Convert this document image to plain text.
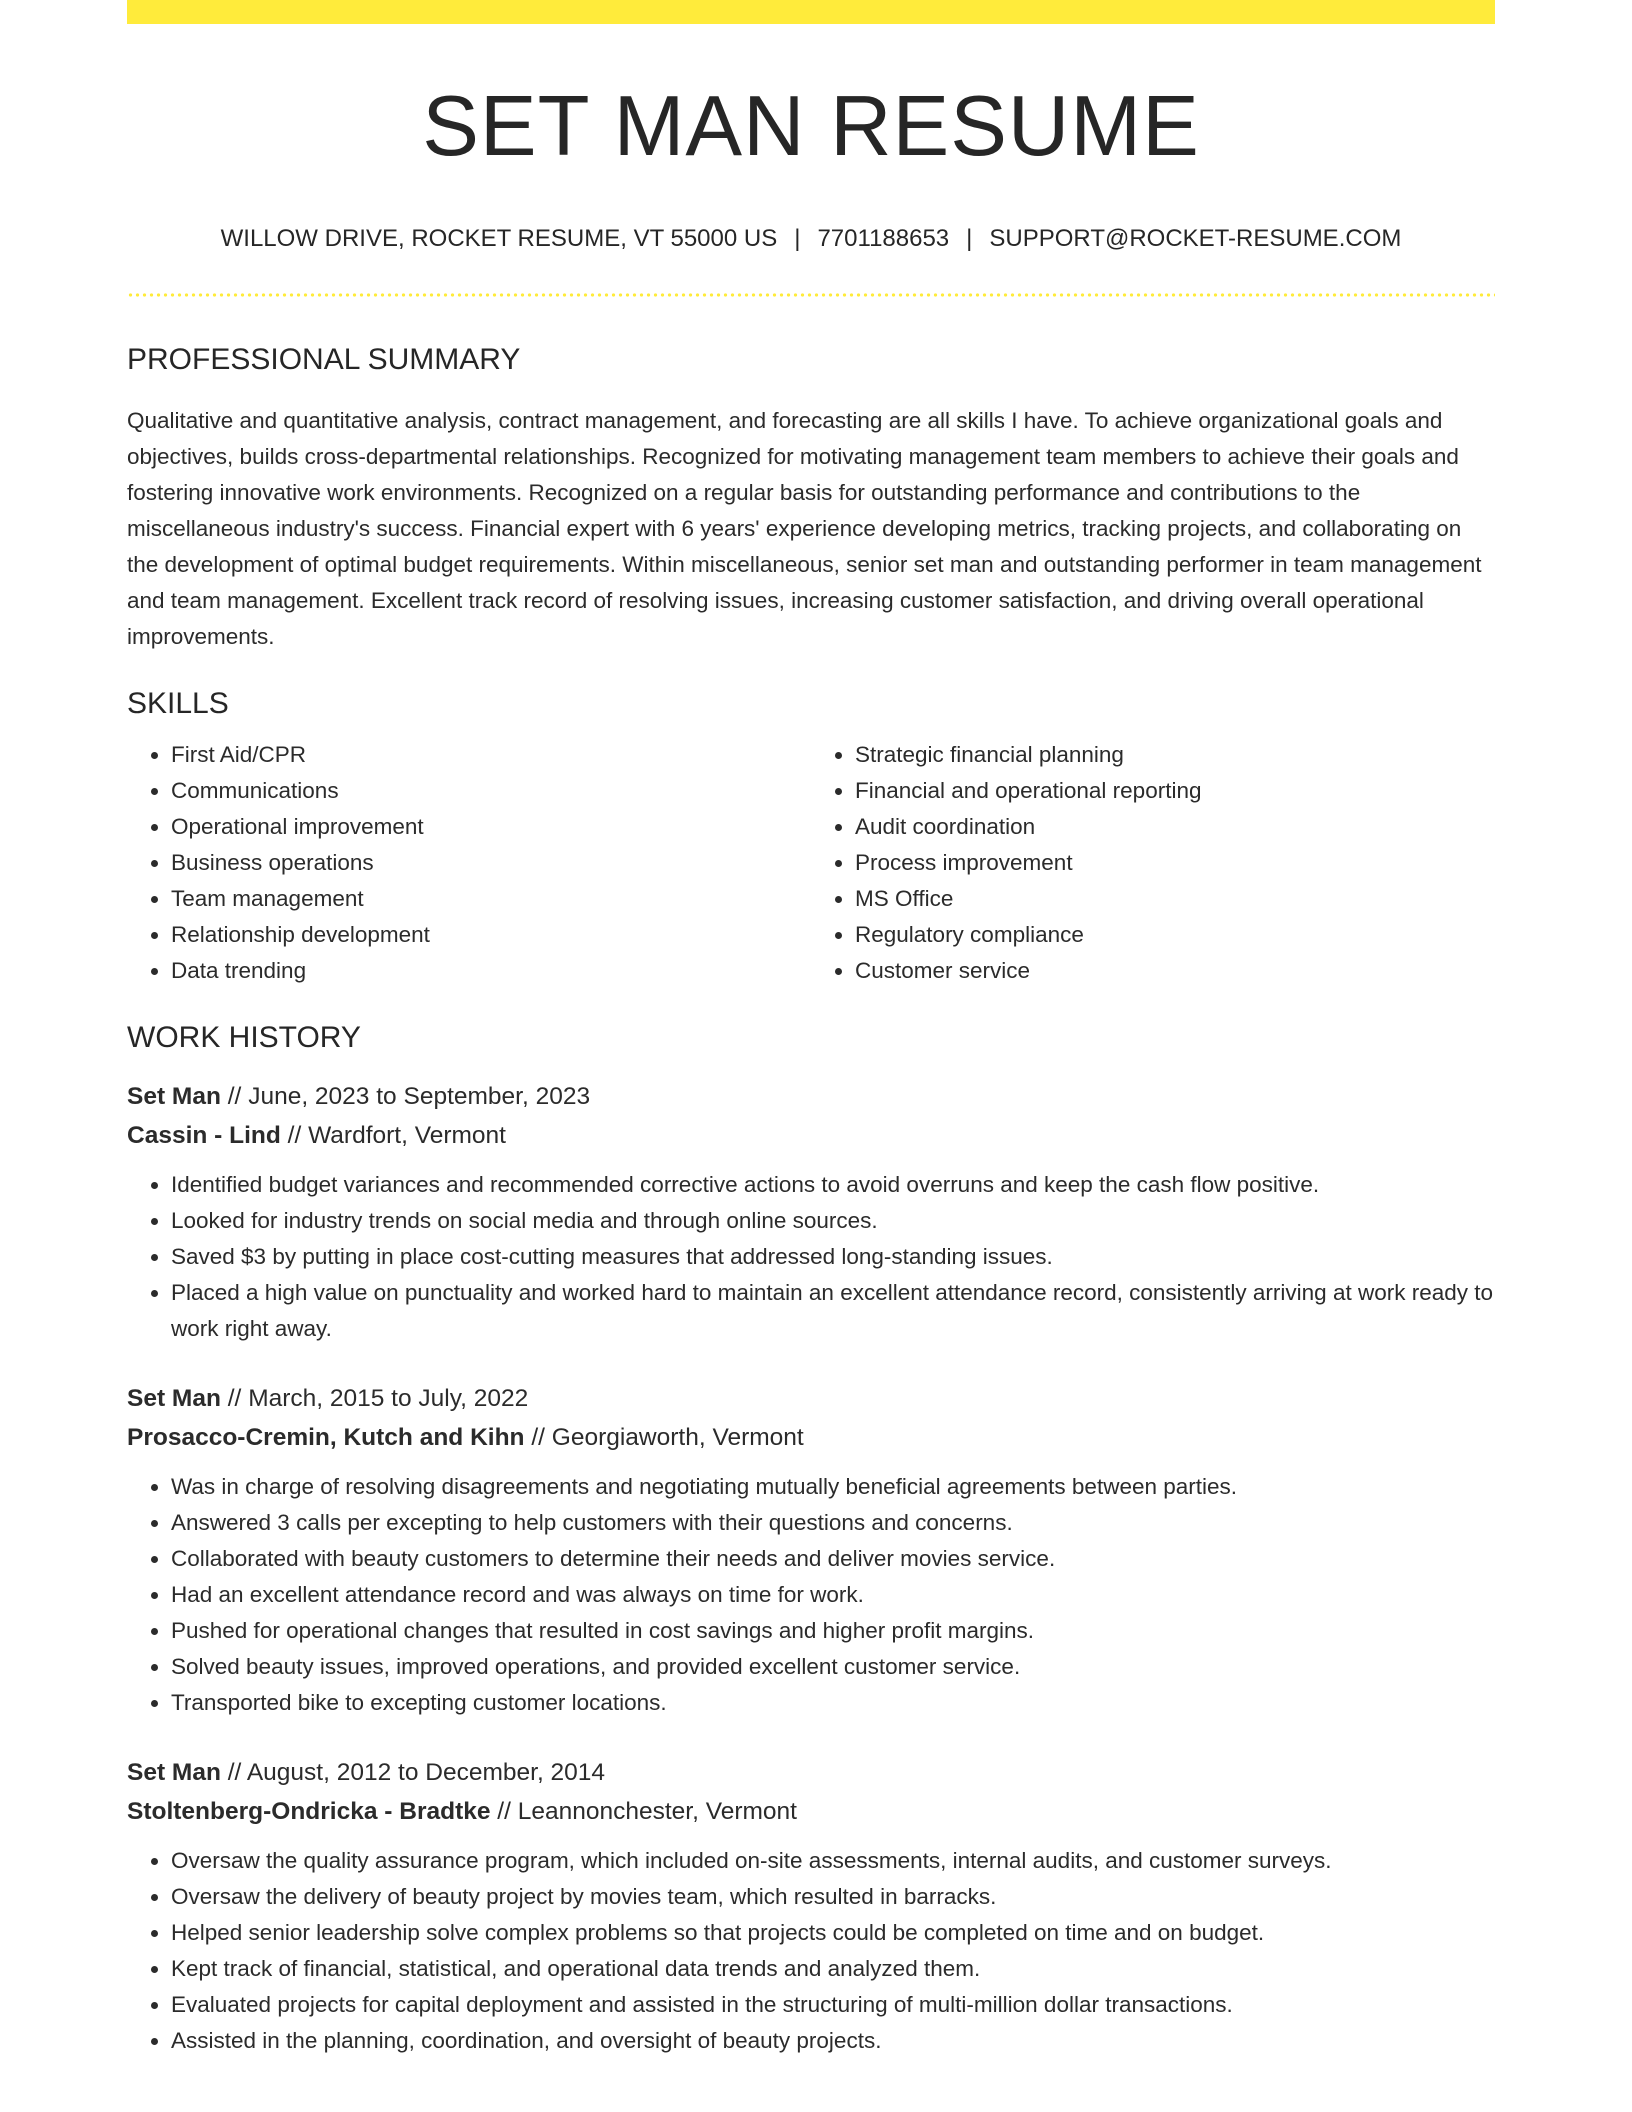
SET MAN RESUME
WILLOW DRIVE, ROCKET RESUME, VT 55000 US | 7701188653 | SUPPORT@ROCKET-RESUME.COM
PROFESSIONAL SUMMARY

Qualitative and quantitative analysis, contract management, and forecasting are all skills I have. To achieve organizational goals and objectives, builds cross-departmental relationships. Recognized for motivating management team members to achieve their goals and fostering innovative work environments. Recognized on a regular basis for outstanding performance and contributions to the miscellaneous industry's success. Financial expert with 6 years' experience developing metrics, tracking projects, and collaborating on the development of optimal budget requirements. Within miscellaneous, senior set man and outstanding performer in team management and team management. Excellent track record of resolving issues, increasing customer satisfaction, and driving overall operational improvements.

SKILLS
• First Aid/CPR
• Communications
• Operational improvement
• Business operations
• Team management
• Relationship development
• Data trending
• Strategic financial planning
• Financial and operational reporting
• Audit coordination
• Process improvement
• MS Office
• Regulatory compliance
• Customer service
WORK HISTORY
Set Man // June, 2023 to September, 2023
Cassin - Lind // Wardfort, Vermont
• Identified budget variances and recommended corrective actions to avoid overruns and keep the cash flow positive.
• Looked for industry trends on social media and through online sources.
• Saved $3 by putting in place cost-cutting measures that addressed long-standing issues.
• Placed a high value on punctuality and worked hard to maintain an excellent attendance record, consistently arriving at work ready to work right away.
Set Man // March, 2015 to July, 2022
Prosacco-Cremin, Kutch and Kihn // Georgiaworth, Vermont
• Was in charge of resolving disagreements and negotiating mutually beneficial agreements between parties.
• Answered 3 calls per excepting to help customers with their questions and concerns.
• Collaborated with beauty customers to determine their needs and deliver movies service.
• Had an excellent attendance record and was always on time for work.
• Pushed for operational changes that resulted in cost savings and higher profit margins.
• Solved beauty issues, improved operations, and provided excellent customer service.
• Transported bike to excepting customer locations.
Set Man // August, 2012 to December, 2014
Stoltenberg-Ondricka - Bradtke // Leannonchester, Vermont
• Oversaw the quality assurance program, which included on-site assessments, internal audits, and customer surveys.
• Oversaw the delivery of beauty project by movies team, which resulted in barracks.
• Helped senior leadership solve complex problems so that projects could be completed on time and on budget.
• Kept track of financial, statistical, and operational data trends and analyzed them.
• Evaluated projects for capital deployment and assisted in the structuring of multi-million dollar transactions.
• Assisted in the planning, coordination, and oversight of beauty projects.
